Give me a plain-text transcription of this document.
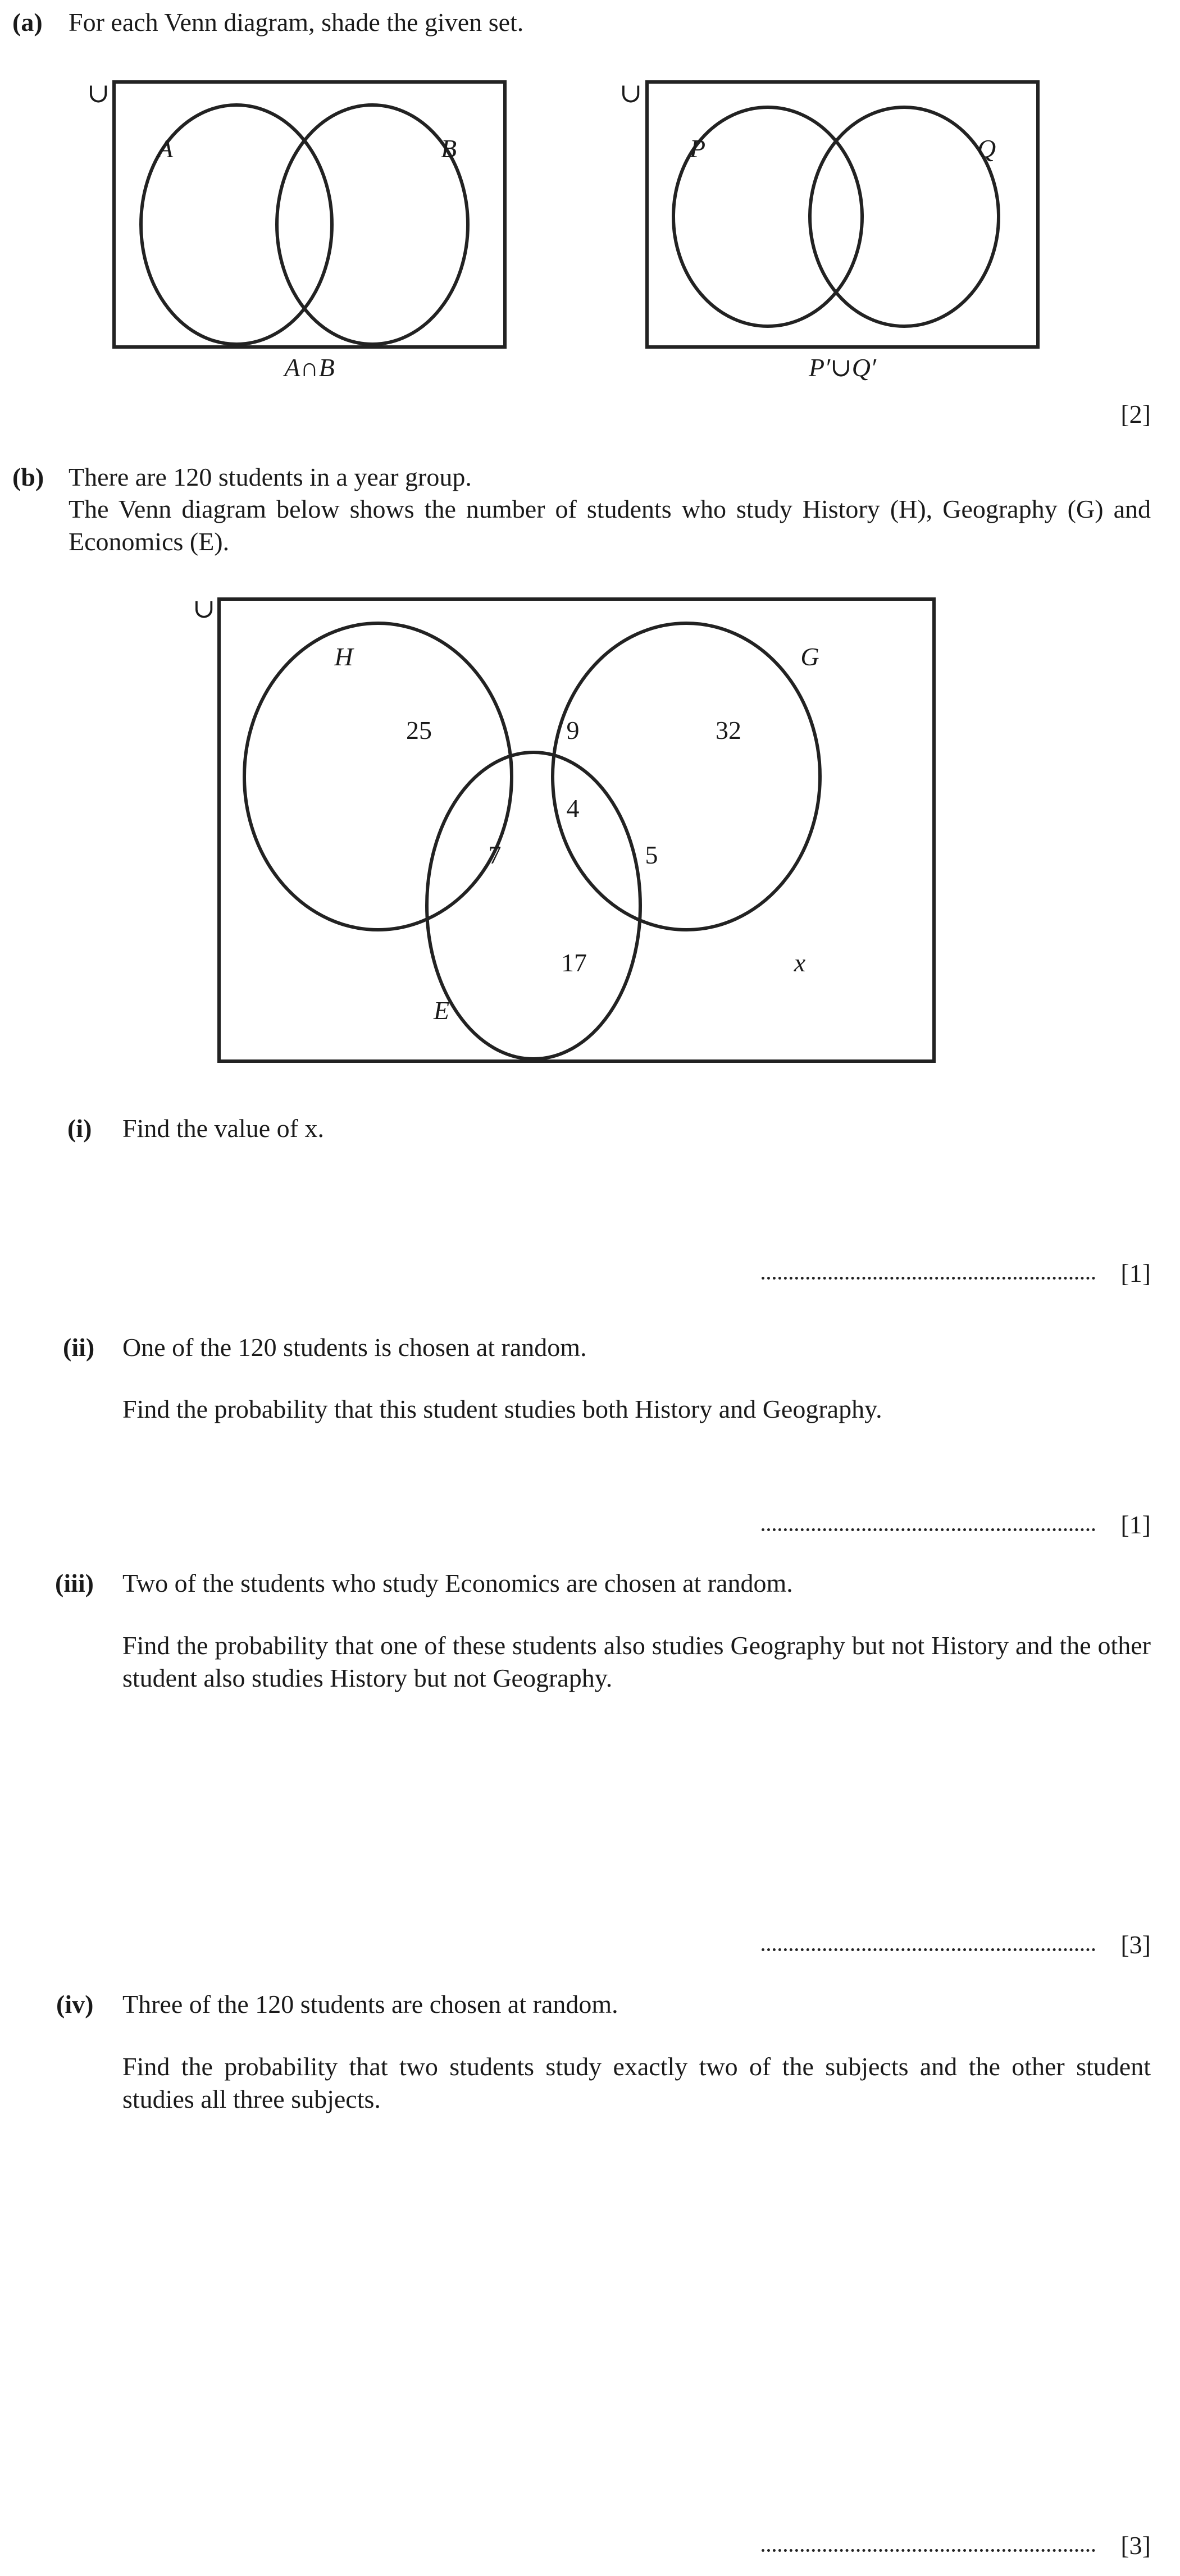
(a) For each Venn diagram, shade the given set.
∪
A	B
A∩B
∪
P	Q
P′∪Q′
∪
H	G
E
25	9	32
4
7	5
17	x
[2]
(b) There are 120 students in a year group.
The Venn diagram below shows the number of students who study History (H), Geography (G) and Economics (E).
(i) Find the value of x.
[1]
(ii) One of the 120 students is chosen at random.
Find the probability that this student studies both History and Geography.
[1]
(iii) Two of the students who study Economics are chosen at random.
Find the probability that one of these students also studies Geography but not History and the other student also studies History but not Geography.
[3]
(iv) Three of the 120 students are chosen at random.
Find the probability that two students study exactly two of the subjects and the other student studies all three subjects.
[3]
